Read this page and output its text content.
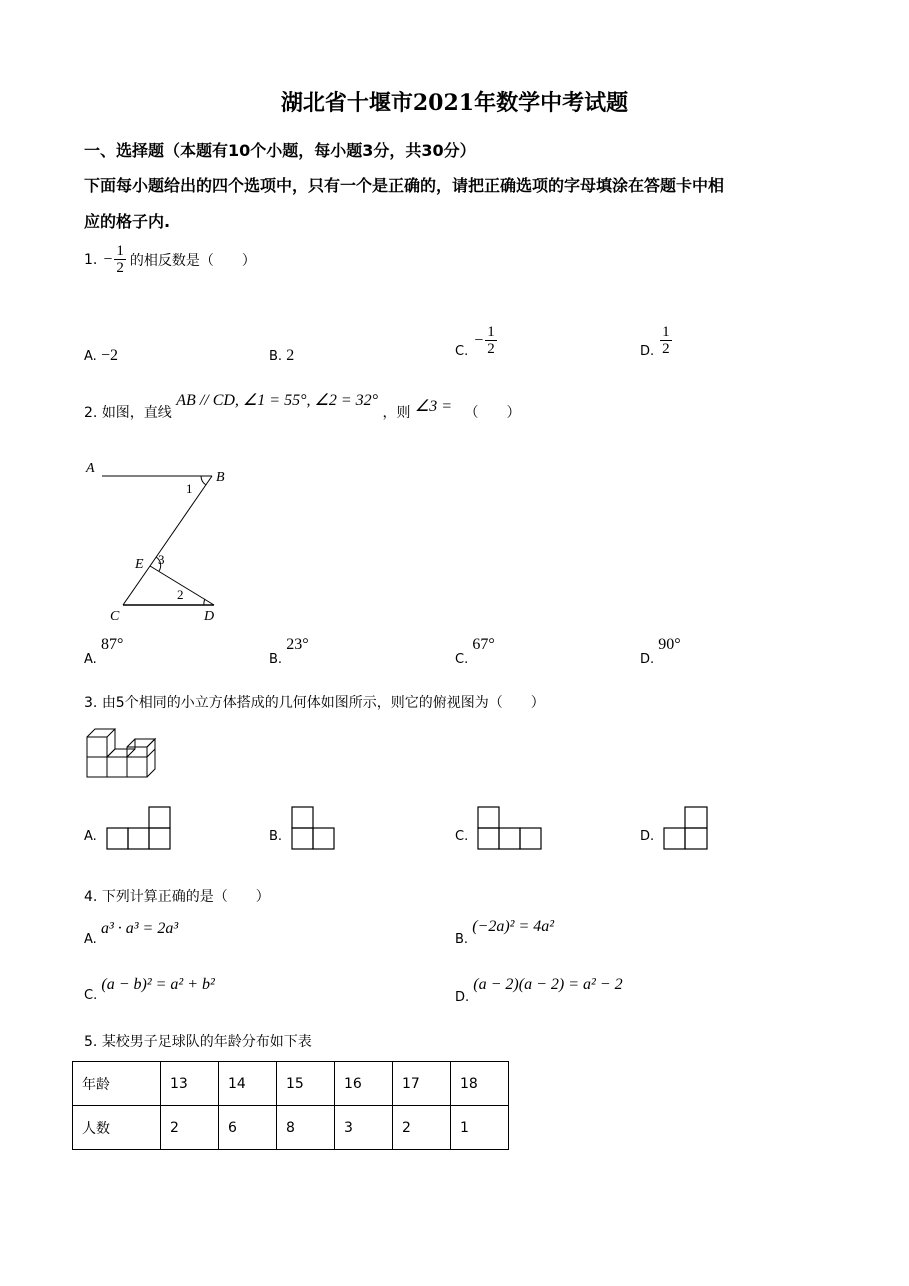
湖北省十堰市2021年数学中考试题
一、选择题（本题有10个小题，每小题3分，共30分）
下面每小题给出的四个选项中，只有一个是正确的，请把正确选项的字母填涂在答题卡中相
应的格子内.
1. − $\frac{1}{2}$ 的相反数是（　　）
A. −2	B. 2	C.
− $\frac{1}{2}$	D. $\frac{1}{2}$
2. 如图，直线 AB // CD, ∠1 = 55°, ∠2 = 32° ，则 ∠3 = （　　）
A
B
C	D
E
1
2
3
A. 87°
B. 23°
C. 67°
D. 90°
3. 由5个相同的小立方体搭成的几何体如图所示，则它的俯视图为（　　）
A.	B.	C.	D.
4. 下列计算正确的是（　　）
A. a³ · a³ = 2a³
B. (−2a)² = 4a²
C. (a − b)² = a² + b²
D. (a − 2)(a − 2) = a² − 2
5. 某校男子足球队的年龄分布如下表
年龄	13	14	15	16	17	18
人数	2	6	8	3	2	1
